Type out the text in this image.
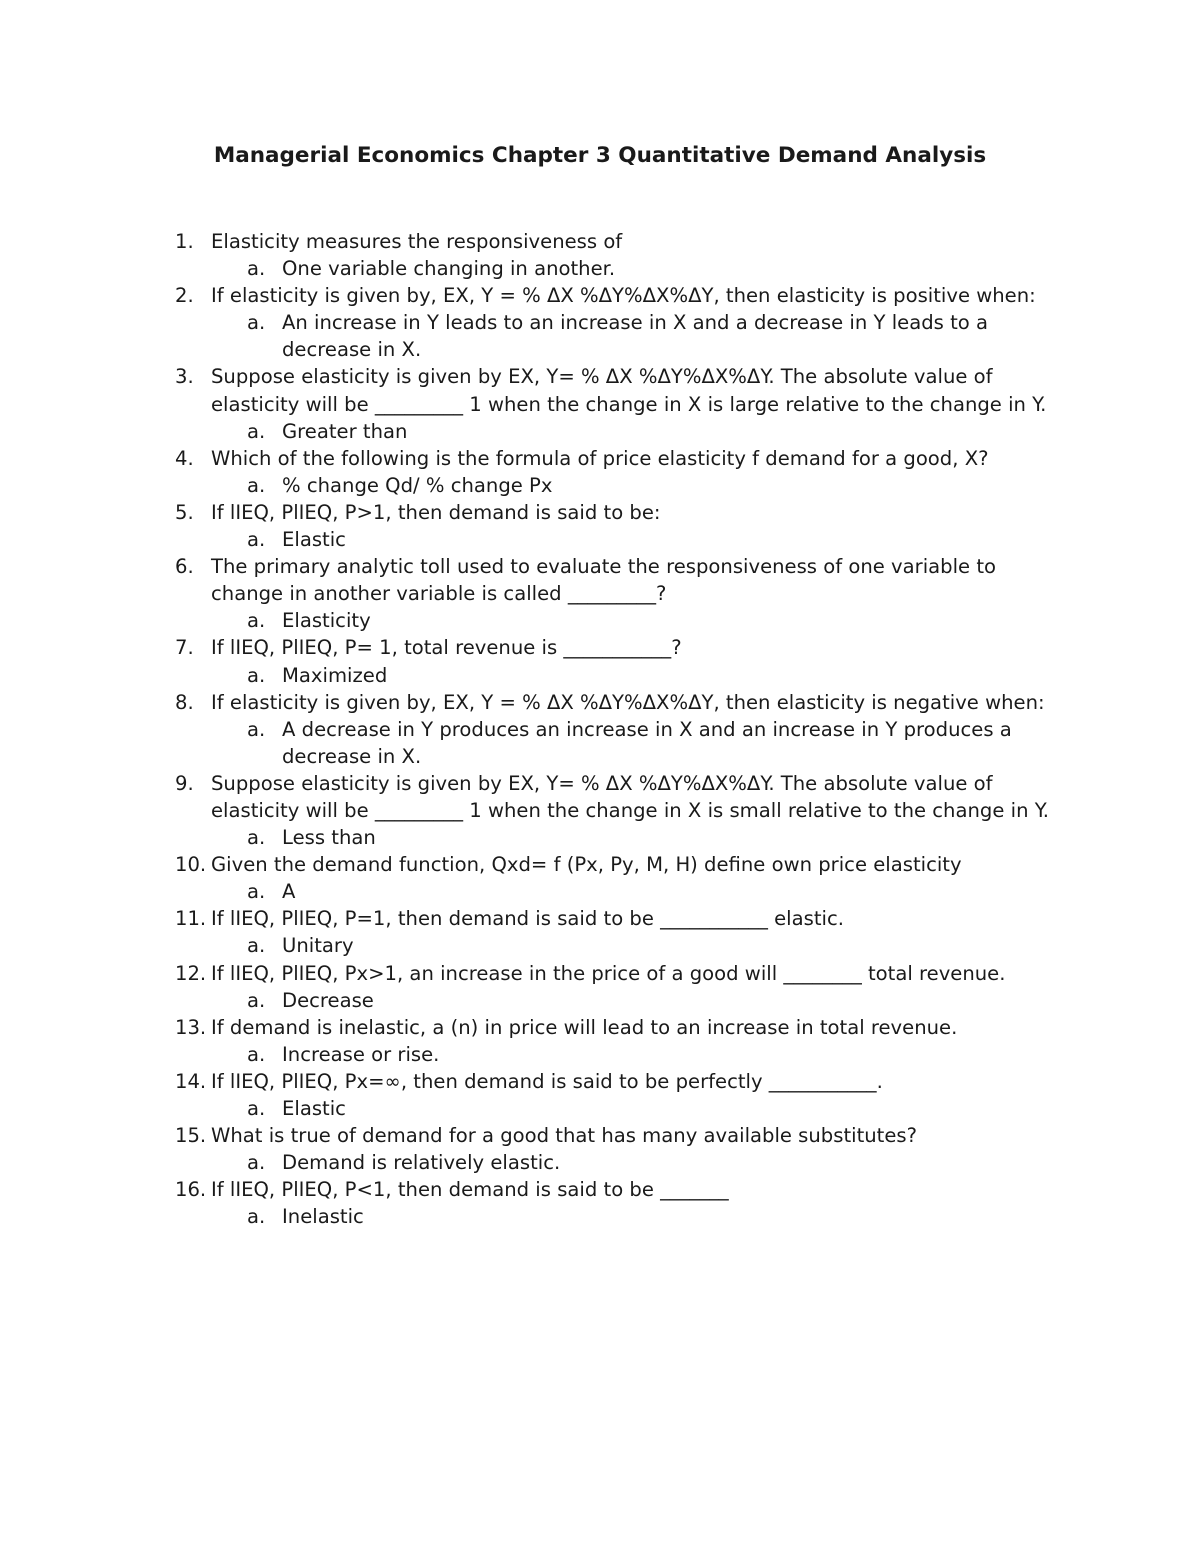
Managerial Economics Chapter 3 Quantitative Demand Analysis
1. Elasticity measures the responsiveness of
a. One variable changing in another.
2. If elasticity is given by, EX, Y = % ΔX %ΔY%ΔX%ΔY, then elasticity is positive when:
a. An increase in Y leads to an increase in X and a decrease in Y leads to a decrease in X.
3. Suppose elasticity is given by EX, Y= % ΔX %ΔY%ΔX%ΔY. The absolute value of elasticity will be _________ 1 when the change in X is large relative to the change in Y.
a. Greater than
4. Which of the following is the formula of price elasticity f demand for a good, X?
a. % change Qd/ % change Px
5. If lIEQ, PlIEQ, P>1, then demand is said to be:
a. Elastic
6. The primary analytic toll used to evaluate the responsiveness of one variable to change in another variable is called _________?
a. Elasticity
7. If lIEQ, PlIEQ, P= 1, total revenue is ___________?
a. Maximized
8. If elasticity is given by, EX, Y = % ΔX %ΔY%ΔX%ΔY, then elasticity is negative when:
a. A decrease in Y produces an increase in X and an increase in Y produces a decrease in X.
9. Suppose elasticity is given by EX, Y= % ΔX %ΔY%ΔX%ΔY. The absolute value of elasticity will be _________ 1 when the change in X is small relative to the change in Y.
a. Less than
10. Given the demand function, Qxd= f (Px, Py, M, H) define own price elasticity
a. A
11. If lIEQ, PlIEQ, P=1, then demand is said to be ___________ elastic.
a. Unitary
12. If lIEQ, PlIEQ, Px>1, an increase in the price of a good will ________ total revenue.
a. Decrease
13. If demand is inelastic, a (n) in price will lead to an increase in total revenue.
a. Increase or rise.
14. If lIEQ, PlIEQ, Px=∞, then demand is said to be perfectly ___________.
a. Elastic
15. What is true of demand for a good that has many available substitutes?
a. Demand is relatively elastic.
16. If lIEQ, PlIEQ, P<1, then demand is said to be _______
a. Inelastic
